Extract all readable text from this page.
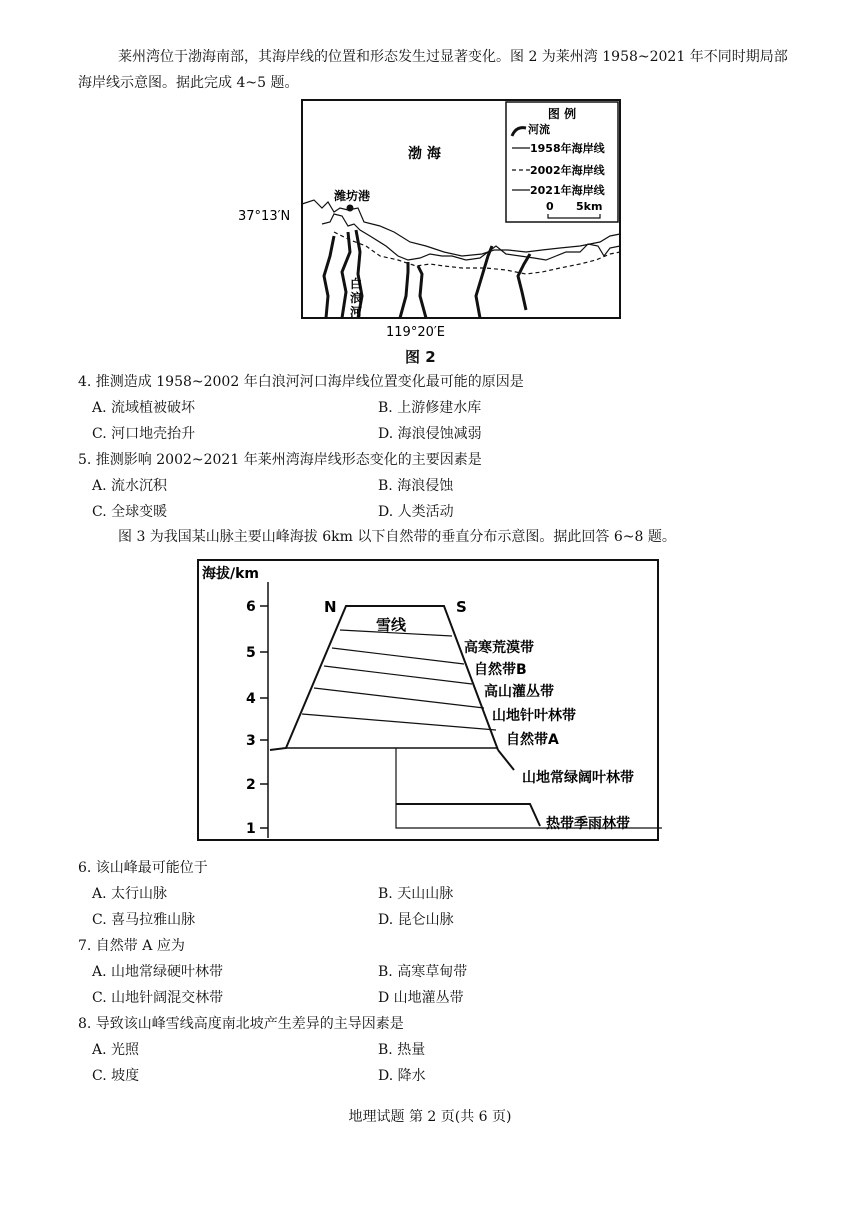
莱州湾位于渤海南部，其海岸线的位置和形态发生过显著变化。图 2 为莱州湾 1958~2021 年不同时期局部海岸线示意图。据此完成 4~5 题。
图 例
河流
1958年海岸线
2002年海岸线
2021年海岸线
0 5km
渤 海
潍坊港
白
浪
河
37°13′N
119°20′E
图 2
4. 推测造成 1958~2002 年白浪河河口海岸线位置变化最可能的原因是
A. 流域植被破坏	B. 上游修建水库
C. 河口地壳抬升	D. 海浪侵蚀减弱
5. 推测影响 2002~2021 年莱州湾海岸线形态变化的主要因素是
A. 流水沉积	B. 海浪侵蚀
C. 全球变暖	D. 人类活动
图 3 为我国某山脉主要山峰海拔 6km 以下自然带的垂直分布示意图。据此回答 6~8 题。
海拔/km
6
5
4
3
2
1
N	S
雪线
高寒荒漠带
自然带B
高山灌丛带
山地针叶林带
自然带A
山地常绿阔叶林带
热带季雨林带
6. 该山峰最可能位于
A. 太行山脉	B. 天山山脉
C. 喜马拉雅山脉	D. 昆仑山脉
7. 自然带 A 应为
A. 山地常绿硬叶林带	B. 高寒草甸带
C. 山地针阔混交林带	D 山地灌丛带
8. 导致该山峰雪线高度南北坡产生差异的主导因素是
A. 光照	B. 热量
C. 坡度	D. 降水
地理试题 第 2 页(共 6 页)
